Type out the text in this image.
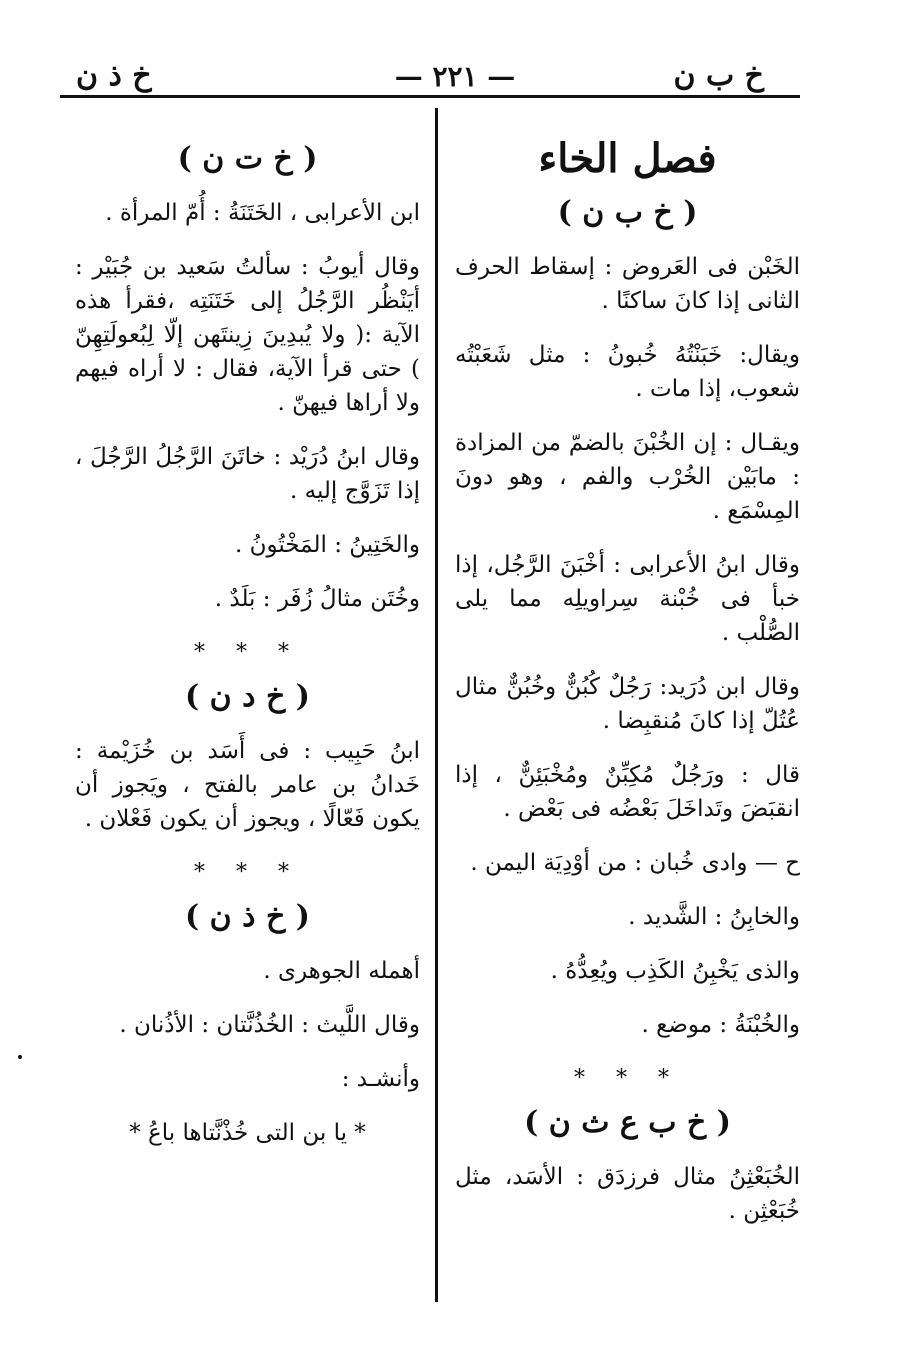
خ ب ن
— ٢٢١ —
خ ذ ن
فصل الخاء
( خ ب ن )
الخَبْن فى العَروض : إسقاط الحرف الثانى إذا كانَ ساكنًا .
ويقال: خَبَنْتُهُ خُبونُ : مثل شَعَبْتُه شعوب، إذا مات .
ويقـال : إن الخُبْنَ بالضمّ من المزادة : مابَيْن الخُرْب والفم ، وهو دونَ المِسْمَع .
وقال ابنُ الأعرابى : أخْبَنَ الرَّجُل، إذا خبأ فى خُبْنة سِراويلِه مما يلى الصُّلْب .
وقال ابن دُرَيد: رَجُلٌ كُبُنٌّ وخُبُنٌّ مثال عُتُلّ إذا كانَ مُنقبِضا .
قال : ورَجُلٌ مُكِبِّنٌ ومُخْبَئِنٌّ ، إذا انقبَضَ وتَداخَلَ بَعْضُه فى بَعْض .
ح — وادى خُبان : من أوْدِيَة اليمن .
والخابِنُ : الشَّديد .
والذى يَخْبِنُ الكَذِب ويُعِدُّهُ .
والخُبْنَةُ : موضع .
* * *
( خ ب ع ث ن )
الخُبَعْثِنُ مثال فرزدَق : الأسَد، مثل خُبَعْثِن .
( خ ت ن )
ابن الأعرابى ، الخَتَنَةُ : أُمّ المرأة .
وقال أيوبُ : سألتُ سَعيد بن جُبَيْر : أيَنْظُر الرَّجُلُ إلى خَتَنَتِه ،فقرأ هذه الآية :( ولا يُبدِينَ زِينتَهن إلّا لِبُعولَتِهِنّ ) حتى قرأ الآية، فقال : لا أراه فيهم ولا أراها فيهنّ .
وقال ابنُ دُرَيْد : خاتَنَ الرَّجُلُ الرَّجُلَ ، إذا تَزَوَّج إليه .
والخَتِينُ : المَخْتُونُ .
وخُتَن مثالُ زُفَر : بَلَدٌ .
* * *
( خ د ن )
ابنُ حَبِيب : فى أَسَد بن خُزَيْمة : خَدانُ بن عامر بالفتح ، ويَجوز أن يكون فَعّالًا ، ويجوز أن يكون فَعْلان .
* * *
( خ ذ ن )
أهمله الجوهرى .
وقال اللَّيث : الخُذُنَّتان : الأذُنان .
وأنشـد :
* يا بن التى خُذْنَّتاها باعُ *
